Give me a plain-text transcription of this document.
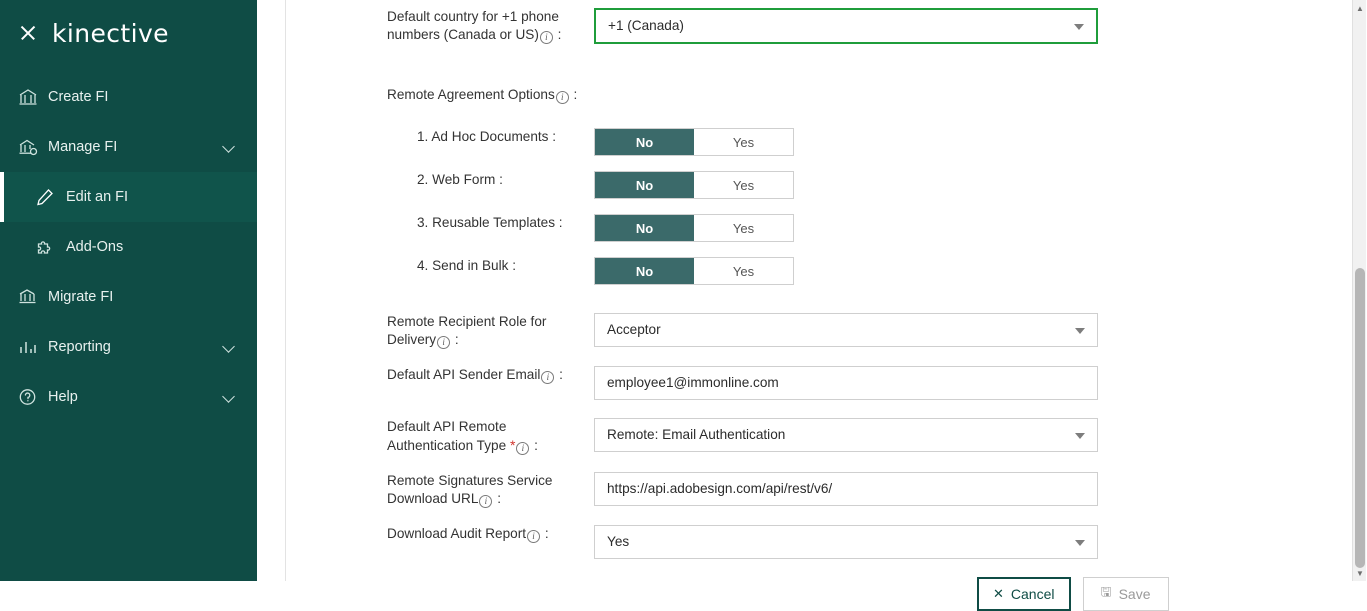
kinective
Create FI
Manage FI
Edit an FI
Add-Ons
Migrate FI
Reporting
Help
Default country for +1 phone numbers (Canada or US) i :
+1 (Canada)
Remote Agreement Options i :
1. Ad Hoc Documents :	No	Yes
2. Web Form :	No	Yes
3. Reusable Templates :	No	Yes
4. Send in Bulk :	No	Yes
Remote Recipient Role for Delivery i :
Acceptor
Default API Sender Email i :
employee1@immonline.com
Default API Remote Authentication Type * i :
Remote: Email Authentication
Remote Signatures Service Download URL i :
https://api.adobesign.com/api/rest/v6/
Download Audit Report i :
Yes
✕ Cancel	🖫 Save
▲
▼
